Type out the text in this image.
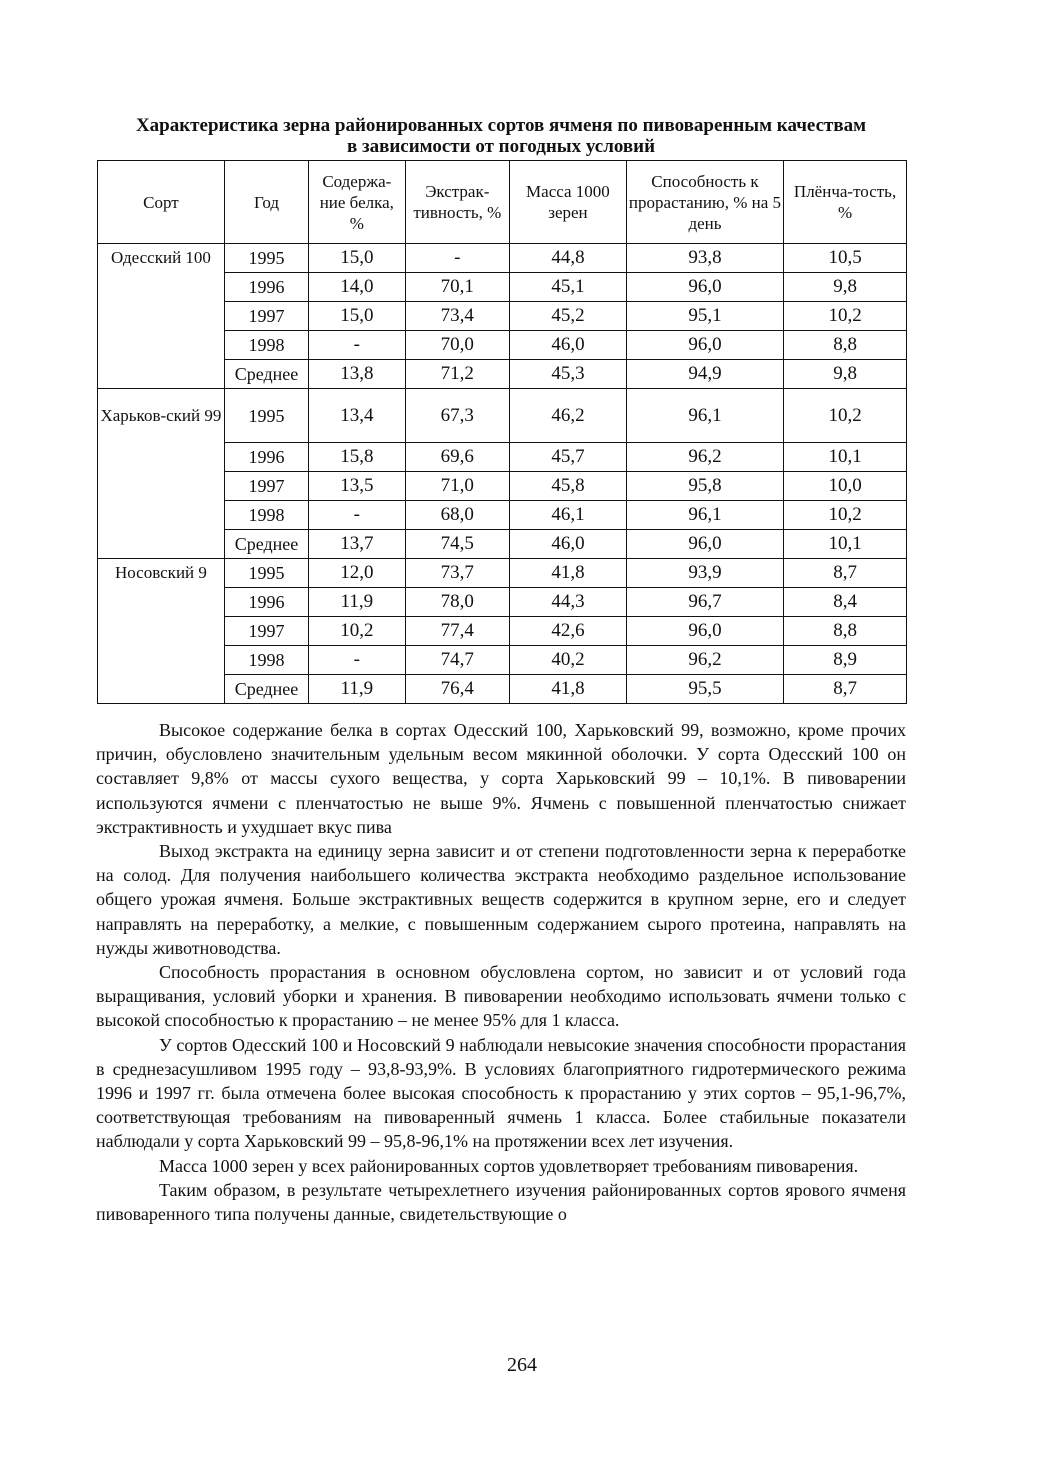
Характеристика зерна районированных сортов ячменя по пивоваренным качествам
в зависимости от погодных условий
Сорт	Год	Содержа-ние белка, %	Экстрак-тивность, %	Масса 1000 зерен	Способность к прорастанию, % на 5 день	Плёнча-тость, %
Одесский 100	1995	15,0	-	44,8	93,8	10,5
	1996	14,0	70,1	45,1	96,0	9,8
	1997	15,0	73,4	45,2	95,1	10,2
	1998	-	70,0	46,0	96,0	8,8
	Среднее	13,8	71,2	45,3	94,9	9,8
Харьков-ский 99	1995	13,4	67,3	46,2	96,1	10,2
	1996	15,8	69,6	45,7	96,2	10,1
	1997	13,5	71,0	45,8	95,8	10,0
	1998	-	68,0	46,1	96,1	10,2
	Среднее	13,7	74,5	46,0	96,0	10,1
Носовский 9	1995	12,0	73,7	41,8	93,9	8,7
	1996	11,9	78,0	44,3	96,7	8,4
	1997	10,2	77,4	42,6	96,0	8,8
	1998	-	74,7	40,2	96,2	8,9
	Среднее	11,9	76,4	41,8	95,5	8,7

Высокое содержание белка в сортах Одесский 100, Харьковский 99, возможно, кроме прочих причин, обусловлено значительным удельным весом мякинной оболочки. У сорта Одесский 100 он составляет 9,8% от массы сухого вещества, у сорта Харьковский 99 – 10,1%. В пивоварении используются ячмени с пленчатостью не выше 9%. Ячмень с повышенной пленчатостью снижает экстрактивность и ухудшает вкус пива

Выход экстракта на единицу зерна зависит и от степени подготовленности зерна к переработке на солод. Для получения наибольшего количества экстракта необходимо раздельное использование общего урожая ячменя. Больше экстрактивных веществ содержится в крупном зерне, его и следует направлять на переработку, а мелкие, с повышенным содержанием сырого протеина, направлять на нужды животноводства.

Способность прорастания в основном обусловлена сортом, но зависит и от условий года выращивания, условий уборки и хранения. В пивоварении необходимо использовать ячмени только с высокой способностью к прорастанию – не менее 95% для 1 класса.

У сортов Одесский 100 и Носовский 9 наблюдали невысокие значения способности прорастания в среднезасушливом 1995 году – 93,8-93,9%. В условиях благоприятного гидротермического режима 1996 и 1997 гг. была отмечена более высокая способность к прорастанию у этих сортов – 95,1-96,7%, соответствующая требованиям на пивоваренный ячмень 1 класса. Более стабильные показатели наблюдали у сорта Харьковский 99 – 95,8-96,1% на протяжении всех лет изучения.

Масса 1000 зерен у всех районированных сортов удовлетворяет требованиям пивоварения.

Таким образом, в результате четырехлетнего изучения районированных сортов ярового ячменя пивоваренного типа получены данные, свидетельствующие о

264
